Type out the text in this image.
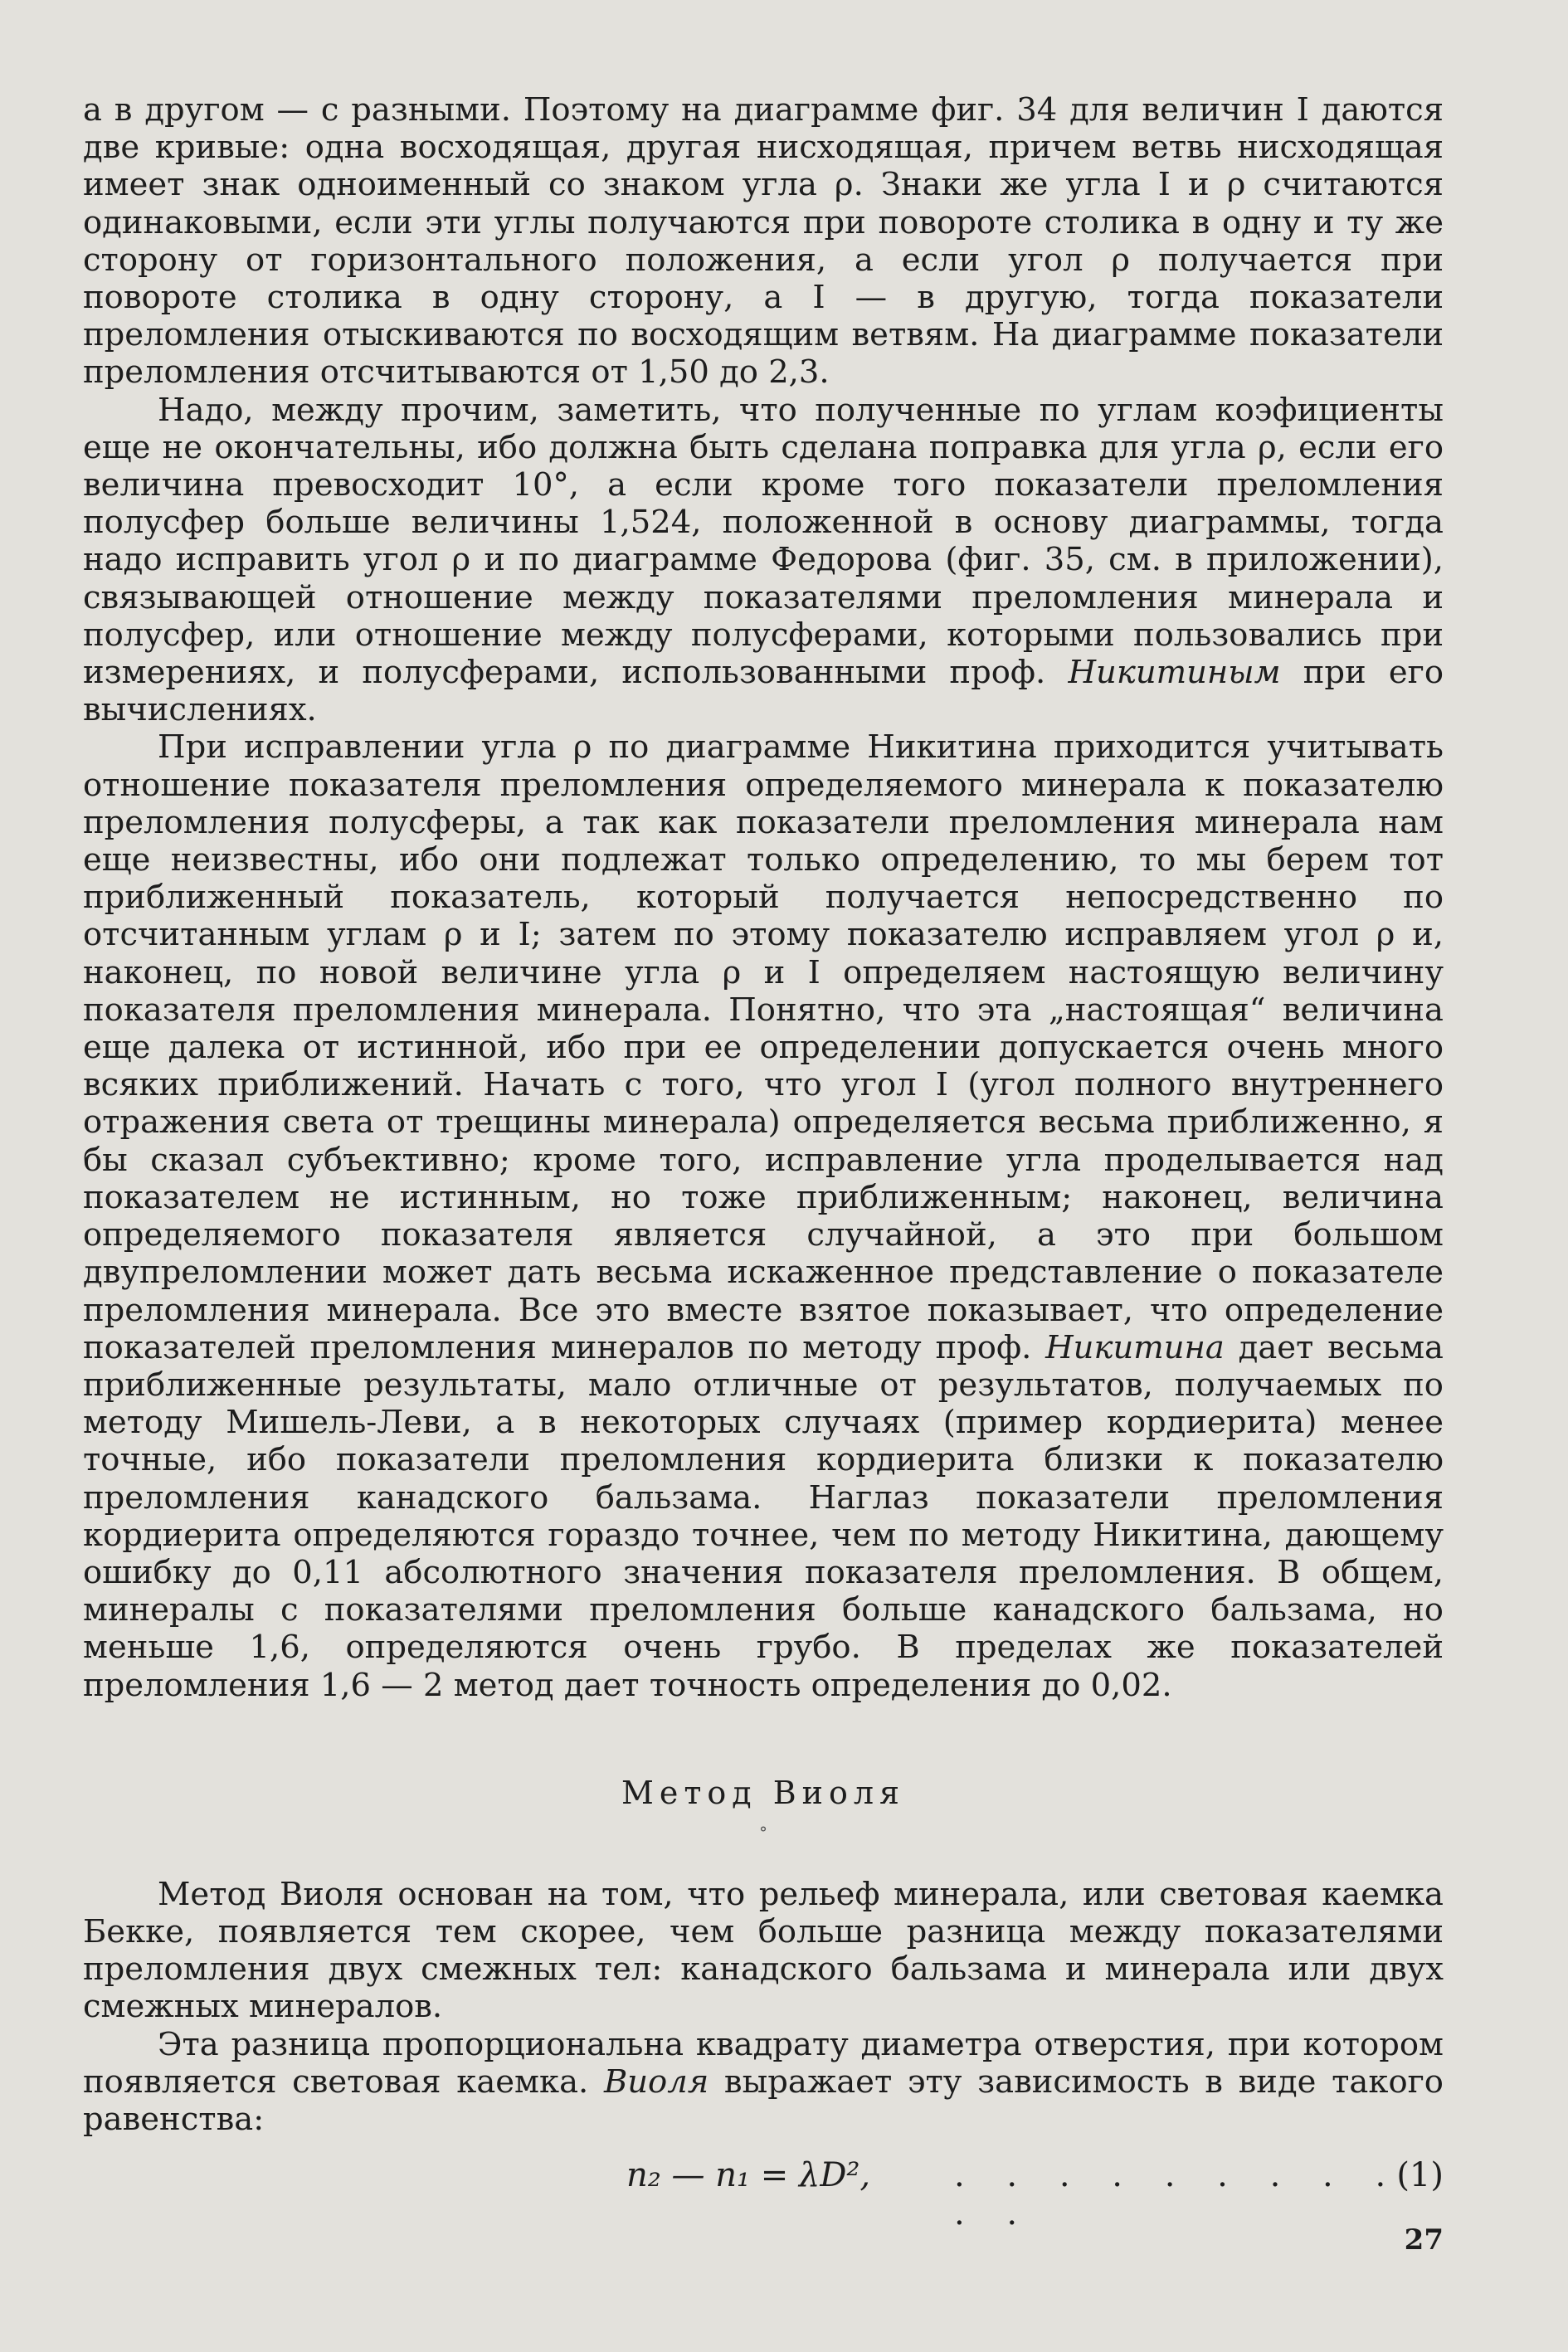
а в другом — с разными. Поэтому на диаграмме фиг. 34 для величин I даются две кривые: одна восходящая, другая нисходящая, причем ветвь нисходящая имеет знак одноименный со знаком угла ρ. Знаки же угла I и ρ считаются одинаковыми, если эти углы получаются при повороте столика в одну и ту же сторону от горизонтального положения, а если угол ρ получается при повороте столика в одну сторону, а I — в другую, тогда показатели преломления отыскиваются по восходящим ветвям. На диаграмме показатели преломления отсчитываются от 1,50 до 2,3.

Надо, между прочим, заметить, что полученные по углам коэфициенты еще не окончательны, ибо должна быть сделана поправка для угла ρ, если его величина превосходит 10°, а если кроме того показатели преломления полусфер больше величины 1,524, положенной в основу диаграммы, тогда надо исправить угол ρ и по диаграмме Федорова (фиг. 35, см. в приложении), связывающей отношение между показателями преломления минерала и полусфер, или отношение между полусферами, которыми пользовались при измерениях, и полусферами, использованными проф. Никитиным при его вычислениях.

При исправлении угла ρ по диаграмме Никитина приходится учитывать отношение показателя преломления определяемого минерала к показателю преломления полусферы, а так как показатели преломления минерала нам еще неизвестны, ибо они подлежат только определению, то мы берем тот приближенный показатель, который получается непосредственно по отсчитанным углам ρ и I; затем по этому показателю исправляем угол ρ и, наконец, по новой величине угла ρ и I определяем настоящую величину показателя преломления минерала. Понятно, что эта „настоящая“ величина еще далека от истинной, ибо при ее определении допускается очень много всяких приближений. Начать с того, что угол I (угол полного внутреннего отражения света от трещины минерала) определяется весьма приближенно, я бы сказал субъективно; кроме того, исправление угла проделывается над показателем не истинным, но тоже приближенным; наконец, величина определяемого показателя является случайной, а это при большом двупреломлении может дать весьма искаженное представление о показателе преломления минерала. Все это вместе взятое показывает, что определение показателей преломления минералов по методу проф. Никитина дает весьма приближенные результаты, мало отличные от результатов, получаемых по методу Мишель-Леви, а в некоторых случаях (пример кордиерита) менее точные, ибо показатели преломления кордиерита близки к показателю преломления канадского бальзама. Наглаз показатели преломления кордиерита определяются гораздо точнее, чем по методу Никитина, дающему ошибку до 0,11 абсолютного значения показателя преломления. В общем, минералы с показателями преломления больше канадского бальзама, но меньше 1,6, определяются очень грубо. В пределах же показателей преломления 1,6 — 2 метод дает точность определения до 0,02.

Метод Виоля
°

Метод Виоля основан на том, что рельеф минерала, или световая каемка Бекке, появляется тем скорее, чем больше разница между показателями преломления двух смежных тел: канадского бальзама и минерала или двух смежных минералов.

Эта разница пропорциональна квадрату диаметра отверстия, при котором появляется световая каемка. Виоля выражает эту зависимость в виде такого равенства:

n₂ — n₁ = λD²,	. . . . . . . . . . .
(1)
27
